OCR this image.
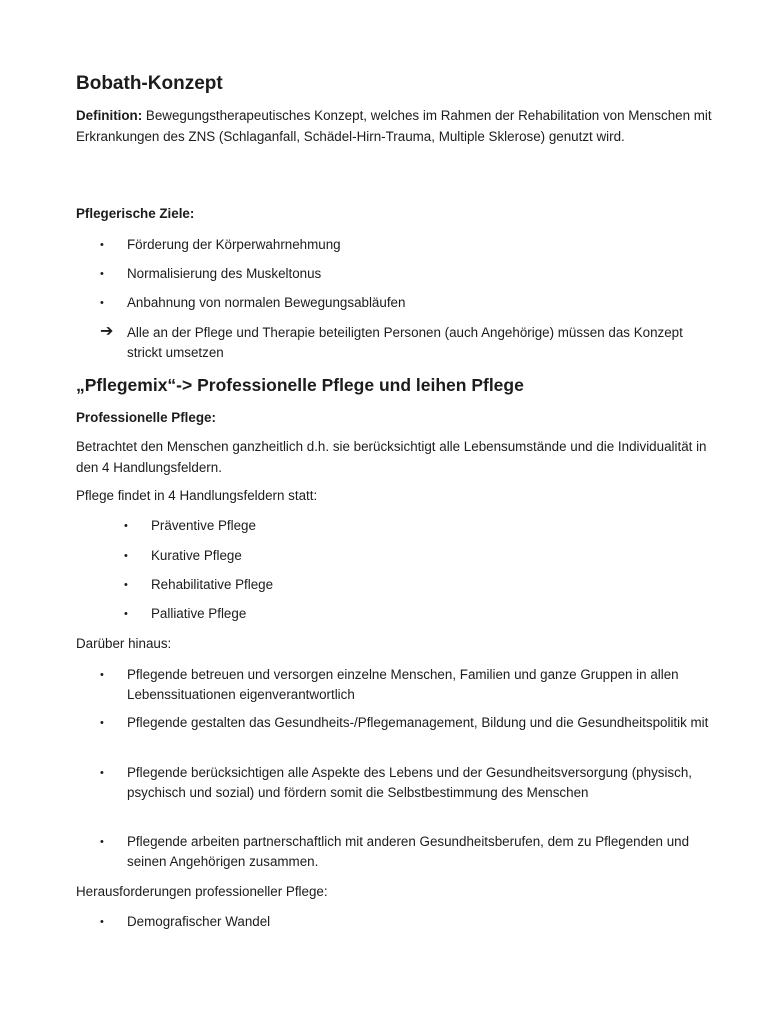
Bobath-Konzept
Definition: Bewegungstherapeutisches Konzept, welches im Rahmen der Rehabilitation von Menschen mit Erkrankungen des ZNS (Schlaganfall, Schädel-Hirn-Trauma, Multiple Sklerose) genutzt wird.
Pflegerische Ziele:
•	Förderung der Körperwahrnehmung
•	Normalisierung des Muskeltonus
•	Anbahnung von normalen Bewegungsabläufen
➔	Alle an der Pflege und Therapie beteiligten Personen (auch Angehörige) müssen das Konzept strickt umsetzen
„Pflegemix“-> Professionelle Pflege und leihen Pflege
Professionelle Pflege:
Betrachtet den Menschen ganzheitlich d.h. sie berücksichtigt alle Lebensumstände und die Individualität in den 4 Handlungsfeldern.
Pflege findet in 4 Handlungsfeldern statt:
•	Präventive Pflege
•	Kurative Pflege
•	Rehabilitative Pflege
•	Palliative Pflege
Darüber hinaus:
•	Pflegende betreuen und versorgen einzelne Menschen, Familien und ganze Gruppen in allen Lebenssituationen eigenverantwortlich
•	Pflegende gestalten das Gesundheits-/Pflegemanagement, Bildung und die Gesundheitspolitik mit
•	Pflegende berücksichtigen alle Aspekte des Lebens und der Gesundheitsversorgung (physisch, psychisch und sozial) und fördern somit die Selbstbestimmung des Menschen
•	Pflegende arbeiten partnerschaftlich mit anderen Gesundheitsberufen, dem zu Pflegenden und seinen Angehörigen zusammen.
Herausforderungen professioneller Pflege:
•	Demografischer Wandel
